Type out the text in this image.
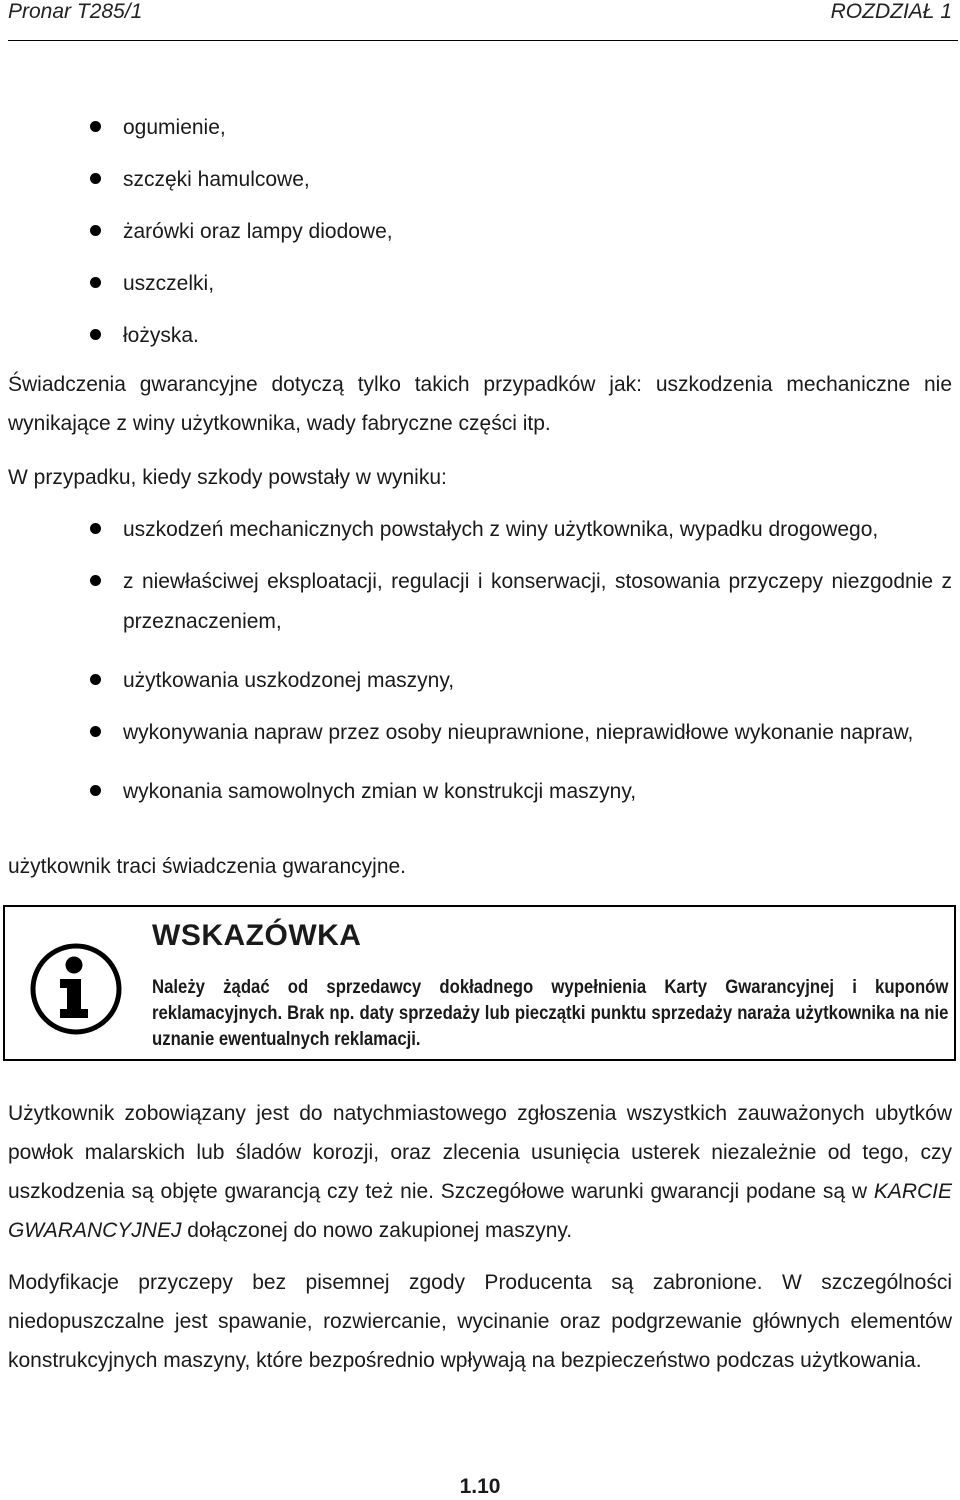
Pronar T285/1	ROZDZIAŁ 1
ogumienie,
szczęki hamulcowe,
żarówki oraz lampy diodowe,
uszczelki,
łożyska.

Świadczenia gwarancyjne dotyczą tylko takich przypadków jak: uszkodzenia mechaniczne nie wynikające z winy użytkownika, wady fabryczne części itp.

W przypadku, kiedy szkody powstały w wyniku:

uszkodzeń mechanicznych powstałych z winy użytkownika, wypadku drogowego,
z niewłaściwej eksploatacji, regulacji i konserwacji, stosowania przyczepy niezgodnie z przeznaczeniem,
użytkowania uszkodzonej maszyny,
wykonywania napraw przez osoby nieuprawnione, nieprawidłowe wykonanie napraw,
wykonania samowolnych zmian w konstrukcji maszyny,

użytkownik traci świadczenia gwarancyjne.

WSKAZÓWKA

Należy żądać od sprzedawcy dokładnego wypełnienia Karty Gwarancyjnej i kuponów reklamacyjnych. Brak np. daty sprzedaży lub pieczątki punktu sprzedaży naraża użytkownika na nie uznanie ewentualnych reklamacji.

Użytkownik zobowiązany jest do natychmiastowego zgłoszenia wszystkich zauważonych ubytków powłok malarskich lub śladów korozji, oraz zlecenia usunięcia usterek niezależnie od tego, czy uszkodzenia są objęte gwarancją czy też nie. Szczegółowe warunki gwarancji podane są w KARCIE GWARANCYJNEJ dołączonej do nowo zakupionej maszyny.

Modyfikacje przyczepy bez pisemnej zgody Producenta są zabronione. W szczególności niedopuszczalne jest spawanie, rozwiercanie, wycinanie oraz podgrzewanie głównych elementów konstrukcyjnych maszyny, które bezpośrednio wpływają na bezpieczeństwo podczas użytkowania.

1.10
